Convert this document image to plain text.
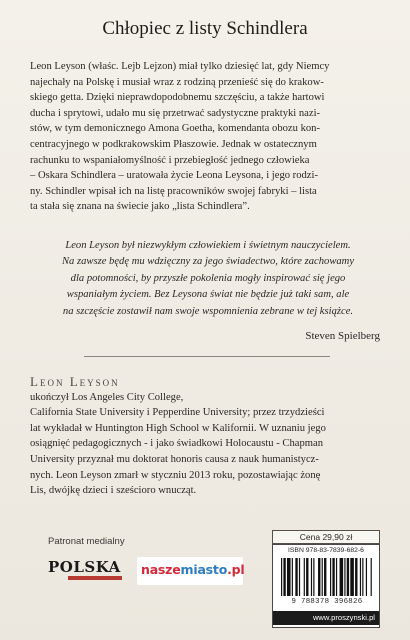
Chłopiec z listy Schindlera
Leon Leyson (właśc. Lejb Lejzon) miał tylko dziesięć lat, gdy Niemcy
najechały na Polskę i musiał wraz z rodziną przenieść się do krakow-
skiego getta. Dzięki nieprawdopodobnemu szczęściu, a także hartowi
ducha i sprytowi, udało mu się przetrwać sadystyczne praktyki nazi-
stów, w tym demonicznego Amona Goetha, komendanta obozu kon-
centracyjnego w podkrakowskim Płaszowie. Jednak w ostatecznym
rachunku to wspaniałomyślność i przebiegłość jednego człowieka
– Oskara Schindlera – uratowała życie Leona Leysona, i jego rodzi-
ny. Schindler wpisał ich na listę pracowników swojej fabryki – lista
ta stała się znana na świecie jako „lista Schindlera”.
Leon Leyson był niezwykłym człowiekiem i świetnym nauczycielem.
Na zawsze będę mu wdzięczny za jego świadectwo, które zachowamy
dla potomności, by przyszłe pokolenia mogły inspirować się jego
wspaniałym życiem. Bez Leysona świat nie będzie już taki sam, ale
na szczęście zostawił nam swoje wspomnienia zebrane w tej książce.
Steven Spielberg
Leon Leyson
ukończył Los Angeles City College,
California State University i Pepperdine University; przez trzydzieści
lat wykładał w Huntington High School w Kalifornii. W uznaniu jego
osiągnięć pedagogicznych - i jako świadkowi Holocaustu - Chapman
University przyznał mu doktorat honoris causa z nauk humanistycz-
nych. Leon Leyson zmarł w styczniu 2013 roku, pozostawiając żonę
Lis, dwójkę dzieci i sześcioro wnucząt.
Patronat medialny
POLSKA naszemiasto.pl
Cena 29,90 zł
ISBN 978-83-7839-682-6
9 788378 396826
www.proszynski.pl
